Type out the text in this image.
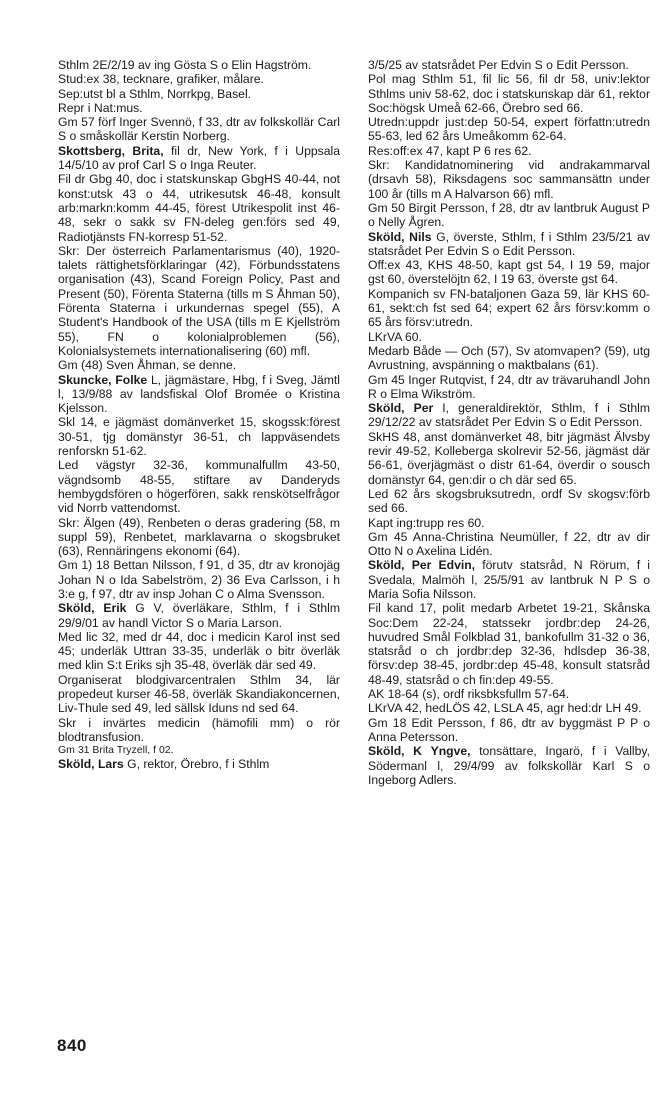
Sthlm 2E/2/19 av ing Gösta S o Elin Hagström.

Stud:ex 38, tecknare, grafiker, målare.

Sep:utst bl a Sthlm, Norrkpg, Basel.

Repr i Nat:mus.

Gm 57 förf Inger Svennö, f 33, dtr av folkskollär Carl S o småskollär Kerstin Norberg.

Skottsberg, Brita, fil dr, New York, f i Uppsala 14/5/10 av prof Carl S o Inga Reuter.

Fil dr Gbg 40, doc i statskunskap GbgHS 40-44, not konst:utsk 43 o 44, utrikesutsk 46-48, konsult arb:markn:komm 44-45, förest Utrikespolit inst 46-48, sekr o sakk sv FN-deleg gen:förs sed 49, Radiotjänsts FN-korresp 51-52.

Skr: Der österreich Parlamentarismus (40), 1920-talets rättighetsförklaringar (42), Förbundsstatens organisation (43), Scand Foreign Policy, Past and Present (50), Förenta Staterna (tills m S Åhman 50), Förenta Staterna i urkundernas spegel (55), A Student's Handbook of the USA (tills m E Kjellström 55), FN o kolonialproblemen (56), Kolonialsystemets internationalisering (60) mfl.

Gm (48) Sven Åhman, se denne.

Skuncke, Folke L, jägmästare, Hbg, f i Sveg, Jämtl l, 13/9/88 av landsfiskal Olof Bromée o Kristina Kjelsson.

Skl 14, e jägmäst domänverket 15, skogssk:förest 30-51, tjg domänstyr 36-51, ch lappväsendets renforskn 51-62.

Led vägstyr 32-36, kommunalfullm 43-50, vägndsomb 48-55, stiftare av Danderyds hembygdsfören o högerfören, sakk renskötselfrågor vid Norrb vattendomst.

Skr: Älgen (49), Renbeten o deras gradering (58, m suppl 59), Renbetet, marklavarna o skogsbruket (63), Rennäringens ekonomi (64).

Gm 1) 18 Bettan Nilsson, f 91, d 35, dtr av kronojäg Johan N o Ida Sabelström, 2) 36 Eva Carlsson, i h 3:e g, f 97, dtr av insp Johan C o Alma Svensson.

Sköld, Erik G V, överläkare, Sthlm, f i Sthlm 29/9/01 av handl Victor S o Maria Larson.

Med lic 32, med dr 44, doc i medicin Karol inst sed 45; underläk Uttran 33-35, underläk o bitr överläk med klin S:t Eriks sjh 35-48, överläk där sed 49.

Organiserat blodgivarcentralen Sthlm 34, lär propedeut kurser 46-58, överläk Skandiakoncernen, Liv-Thule sed 49, led sällsk Iduns nd sed 64.

Skr i invärtes medicin (hämofili mm) o rör blodtransfusion.

Gm 31 Brita Tryzell, f 02.

Sköld, Lars G, rektor, Örebro, f i Sthlm

3/5/25 av statsrådet Per Edvin S o Edit Persson.

Pol mag Sthlm 51, fil lic 56, fil dr 58, univ:lektor Sthlms univ 58-62, doc i statskunskap där 61, rektor Soc:högsk Umeå 62-66, Örebro sed 66.

Utredn:uppdr just:dep 50-54, expert författn:utredn 55-63, led 62 års Umeåkomm 62-64.

Res:off:ex 47, kapt P 6 res 62.

Skr: Kandidatnominering vid andrakammarval (drsavh 58), Riksdagens soc sammansättn under 100 år (tills m A Halvarson 66) mfl.

Gm 50 Birgit Persson, f 28, dtr av lantbruk August P o Nelly Ågren.

Sköld, Nils G, överste, Sthlm, f i Sthlm 23/5/21 av statsrådet Per Edvin S o Edit Persson.

Off:ex 43, KHS 48-50, kapt gst 54, I 19 59, major gst 60, överstelöjtn 62, I 19 63, överste gst 64.

Kompanich sv FN-bataljonen Gaza 59, lär KHS 60-61, sekt:ch fst sed 64; expert 62 års försv:komm o 65 års försv:utredn.

LKrVA 60.

Medarb Både — Och (57), Sv atomvapen? (59), utg Avrustning, avspänning o maktbalans (61).

Gm 45 Inger Rutqvist, f 24, dtr av trävaruhandl John R o Elma Wikström.

Sköld, Per I, generaldirektör, Sthlm, f i Sthlm 29/12/22 av statsrådet Per Edvin S o Edit Persson.

SkHS 48, anst domänverket 48, bitr jägmäst Älvsby revir 49-52, Kolleberga skolrevir 52-56, jägmäst där 56-61, överjägmäst o distr 61-64, överdir o sousch domänstyr 64, gen:dir o ch där sed 65.

Led 62 års skogsbruksutredn, ordf Sv skogsv:förb sed 66.

Kapt ing:trupp res 60.

Gm 45 Anna-Christina Neumüller, f 22, dtr av dir Otto N o Axelina Lidén.

Sköld, Per Edvin, förutv statsråd, N Rörum, f i Svedala, Malmöh l, 25/5/91 av lantbruk N P S o Maria Sofia Nilsson.

Fil kand 17, polit medarb Arbetet 19-21, Skånska Soc:Dem 22-24, statssekr jordbr:dep 24-26, huvudred Smål Folkblad 31, bankofullm 31-32 o 36, statsråd o ch jordbr:dep 32-36, hdlsdep 36-38, försv:dep 38-45, jordbr:dep 45-48, konsult statsråd 48-49, statsråd o ch fin:dep 49-55.

AK 18-64 (s), ordf riksbksfullm 57-64.

LKrVA 42, hedLÖS 42, LSLA 45, agr hed:dr LH 49.

Gm 18 Edit Persson, f 86, dtr av byggmäst P P o Anna Petersson.

Sköld, K Yngve, tonsättare, Ingarö, f i Vallby, Södermanl l, 29/4/99 av folkskollär Karl S o Ingeborg Adlers.

840
